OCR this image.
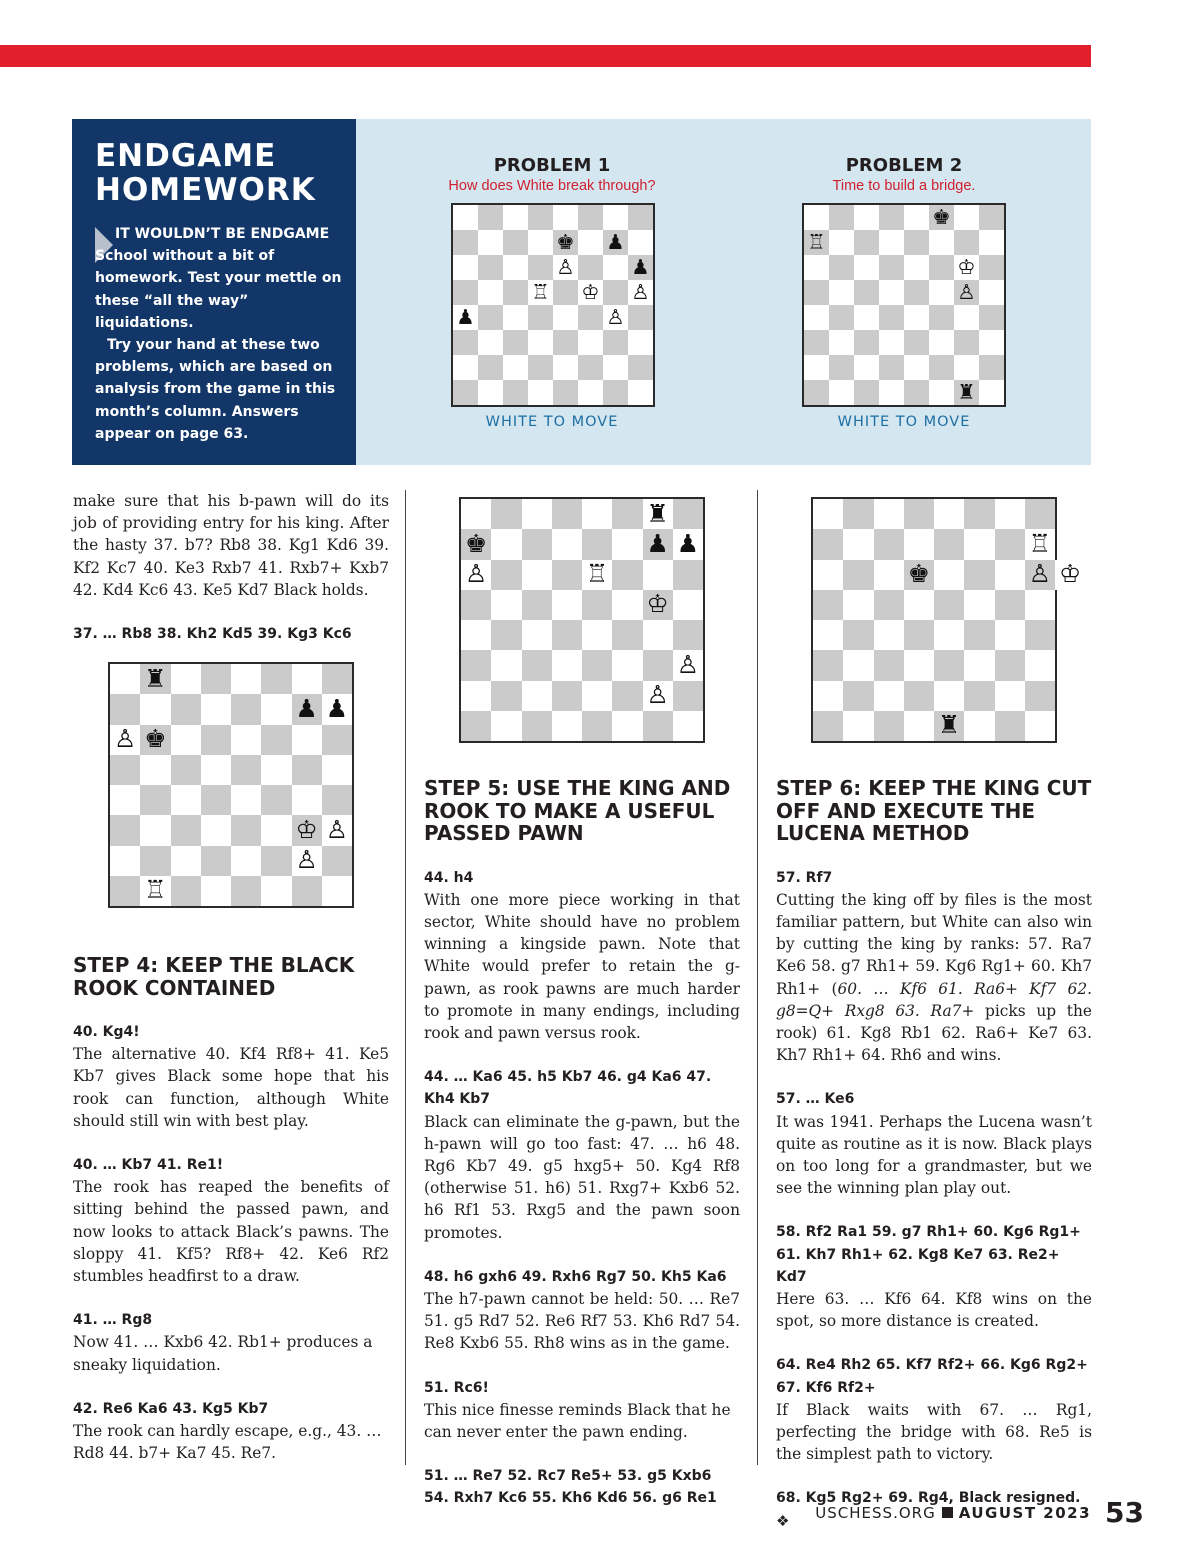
ENDGAME HOMEWORK

IT WOULDN’T BE ENDGAME School without a bit of homework. Test your mettle on these “all the way” liquidations.

Try your hand at these two problems, which are based on analysis from the game in this month’s column. Answers appear on page 63.

PROBLEM 1
How does White break through?
WHITE TO MOVE
PROBLEM 2
Time to build a bridge.
WHITE TO MOVE
♚ ♟
♙	♟
♖ ♔ ♙
♟	♙
♚
♖
♔
♙
♜
♜
♟ ♟
♙ ♚
♔ ♙
♙
♖
♜
♚	♟ ♟
♙	♖
♔
♙
♙
♖
♚	♙ ♔
♜

make sure that his b-pawn will do its job of providing entry for his king. After the hasty 37. b7? Rb8 38. Kg1 Kd6 39. Kf2 Kc7 40. Ke3 Rxb7 41. Rxb7+ Kxb7 42. Kd4 Kc6 43. Ke5 Kd7 Black holds.

37. … Rb8 38. Kh2 Kd5 39. Kg3 Kc6

STEP 4: KEEP THE BLACK ROOK CONTAINED

40. Kg4!

The alternative 40. Kf4 Rf8+ 41. Ke5 Kb7 gives Black some hope that his rook can function, although White should still win with best play.

40. … Kb7 41. Re1!

The rook has reaped the benefits of sitting behind the passed pawn, and now looks to attack Black’s pawns. The sloppy 41. Kf5? Rf8+ 42. Ke6 Rf2 stumbles headfirst to a draw.

41. … Rg8

Now 41. … Kxb6 42. Rb1+ produces a sneaky liquidation.

42. Re6 Ka6 43. Kg5 Kb7

The rook can hardly escape, e.g., 43. … Rd8 44. b7+ Ka7 45. Re7.

STEP 5: USE THE KING AND ROOK TO MAKE A USEFUL PASSED PAWN

44. h4

With one more piece working in that sector, White should have no problem winning a kingside pawn. Note that White would prefer to retain the g-pawn, as rook pawns are much harder to promote in many endings, including rook and pawn versus rook.

44. … Ka6 45. h5 Kb7 46. g4 Ka6 47. Kh4 Kb7

Black can eliminate the g-pawn, but the h-pawn will go too fast: 47. … h6 48. Rg6 Kb7 49. g5 hxg5+ 50. Kg4 Rf8 (otherwise 51. h6) 51. Rxg7+ Kxb6 52. h6 Rf1 53. Rxg5 and the pawn soon promotes.

48. h6 gxh6 49. Rxh6 Rg7 50. Kh5 Ka6

The h7-pawn cannot be held: 50. … Re7 51. g5 Rd7 52. Re6 Rf7 53. Kh6 Rd7 54. Re8 Kxb6 55. Rh8 wins as in the game.

51. Rc6!

This nice finesse reminds Black that he can never enter the pawn ending.

51. … Re7 52. Rc7 Re5+ 53. g5 Kxb6 54. Rxh7 Kc6 55. Kh6 Kd6 56. g6 Re1

STEP 6: KEEP THE KING CUT OFF AND EXECUTE THE LUCENA METHOD

57. Rf7

Cutting the king off by files is the most familiar pattern, but White can also win by cutting the king by ranks: 57. Ra7 Ke6 58. g7 Rh1+ 59. Kg6 Rg1+ 60. Kh7 Rh1+ (60. … Kf6 61. Ra6+ Kf7 62. g8=Q+ Rxg8 63. Ra7+ picks up the rook) 61. Kg8 Rb1 62. Ra6+ Ke7 63. Kh7 Rh1+ 64. Rh6 and wins.

57. … Ke6

It was 1941. Perhaps the Lucena wasn’t quite as routine as it is now. Black plays on too long for a grandmaster, but we see the winning plan play out.

58. Rf2 Ra1 59. g7 Rh1+ 60. Kg6 Rg1+ 61. Kh7 Rh1+ 62. Kg8 Ke7 63. Re2+ Kd7

Here 63. … Kf6 64. Kf8 wins on the spot, so more distance is created.

64. Re4 Rh2 65. Kf7 Rf2+ 66. Kg6 Rg2+ 67. Kf6 Rf2+

If Black waits with 67. … Rg1, perfecting the bridge with 68. Re5 is the simplest path to victory.

68. Kg5 Rg2+ 69. Rg4, Black resigned. ❖	USCHESS.ORG AUGUST 2023 53
